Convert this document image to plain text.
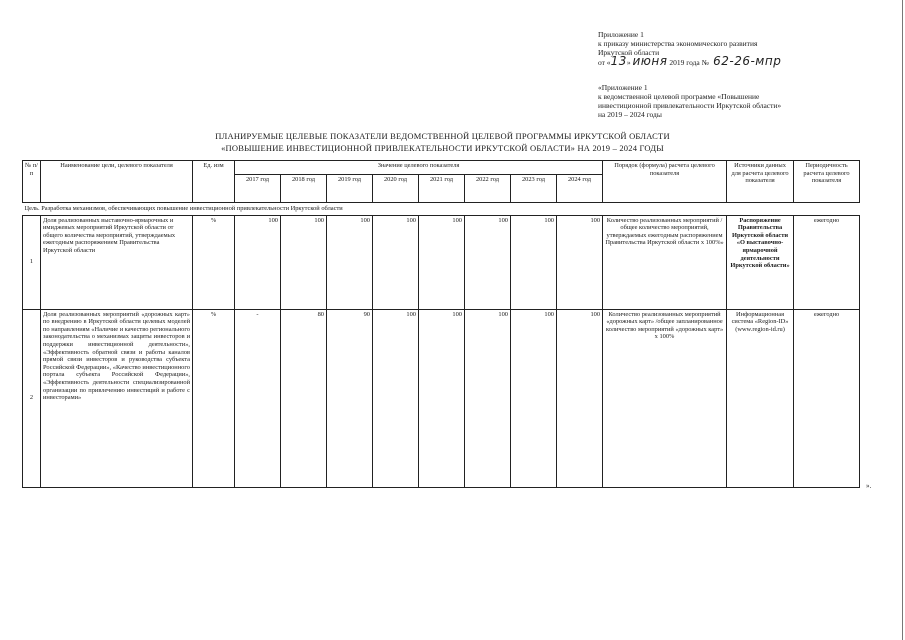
Приложение 1
к приказу министерства экономического развития
Иркутской области
от «13» июня 2019 года № 62-26-мпр
«Приложение 1
к ведомственной целевой программе «Повышение
инвестиционной привлекательности Иркутской области»
на 2019 – 2024 годы
ПЛАНИРУЕМЫЕ ЦЕЛЕВЫЕ ПОКАЗАТЕЛИ ВЕДОМСТВЕННОЙ ЦЕЛЕВОЙ ПРОГРАММЫ ИРКУТСКОЙ ОБЛАСТИ
«ПОВЫШЕНИЕ ИНВЕСТИЦИОННОЙ ПРИВЛЕКАТЕЛЬНОСТИ ИРКУТСКОЙ ОБЛАСТИ» НА 2019 – 2024 ГОДЫ
№ п/п	Наименование цели, целевого показателя	Ед. изм	Значение целевого показателя								Порядок (формула) расчета целевого показателя	Источники данных для расчета целевого показателя	Периодичность расчета целевого показателя
			2017 год	2018 год	2019 год	2020 год	2021 год	2022 год	2023 год	2024 год			
Цель. Разработка механизмов, обеспечивающих повышение инвестиционной привлекательности Иркутской области													
1	Доля реализованных выставочно-ярмарочных и имиджевых мероприятий Иркутской области от общего количества мероприятий, утверждаемых ежегодным распоряжением Правительства Иркутской области	%	100	100	100	100	100	100	100	100	Количество реализованных мероприятий /общее количество мероприятий, утверждаемых ежегодным распоряжением Правительства Иркутской области х 100%»	Распоряжение Правительства Иркутской области «О выставочно-ярмарочной деятельности Иркутской области»	ежегодно
2	Доля реализованных мероприятий «дорожных карт» по внедрению в Иркутской области целевых моделей по направлениям «Наличие и качество регионального законодательства о механизмах защиты инвесторов и поддержки инвестиционной деятельности», «Эффективность обратной связи и работы каналов прямой связи инвесторов и руководства субъекта Российской Федерации», «Качество инвестиционного портала субъекта Российской Федерации», «Эффективность деятельности специализированной организации по привлечению инвестиций и работе с инвесторами»	%	-	80	90	100	100	100	100	100	Количество реализованных мероприятий «дорожных карт» /общее запланированное количество мероприятий «дорожных карт» х 100%	Информационная система «Region-ID» (www.region-id.ru)	ежегодно
».
